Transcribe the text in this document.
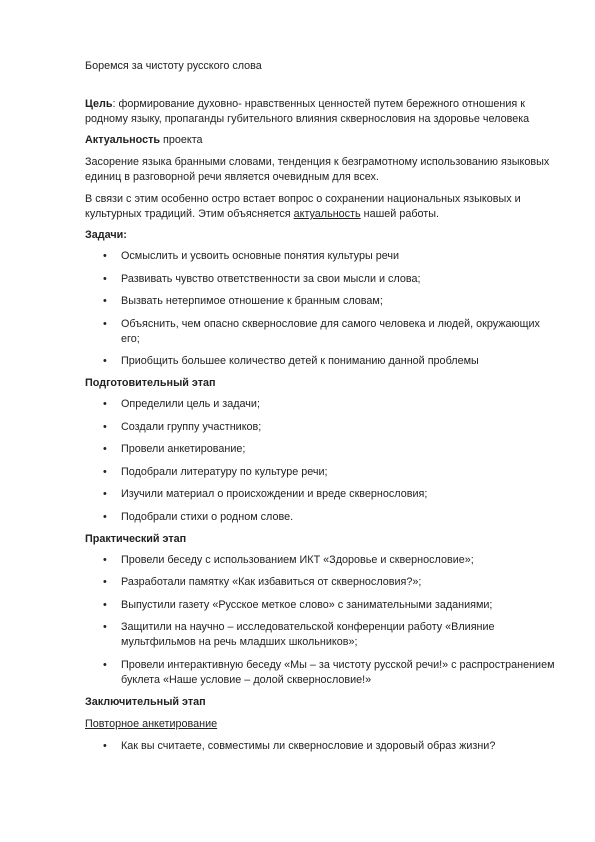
Боремся за чистоту русского слова

Цель: формирование духовно- нравственных ценностей путем бережного отношения к родному языку, пропаганды губительного влияния сквернословия на здоровье человека

Актуальность проекта

Засорение языка бранными словами, тенденция к безграмотному использованию языковых единиц в разговорной речи является очевидным для всех.

В связи с этим особенно остро встает вопрос о сохранении национальных языковых и культурных традиций. Этим объясняется актуальность нашей работы.

Задачи:

• Осмыслить и усвоить основные понятия культуры речи
• Развивать чувство ответственности за свои мысли и слова;
• Вызвать нетерпимое отношение к бранным словам;
• Объяснить, чем опасно сквернословие для самого человека и людей, окружающих его;
• Приобщить большее количество детей к пониманию данной проблемы

Подготовительный этап

• Определили цель и задачи;
• Создали группу участников;
• Провели анкетирование;
• Подобрали литературу по культуре речи;
• Изучили материал о происхождении и вреде сквернословия;
• Подобрали стихи о родном слове.

Практический этап

• Провели беседу с использованием ИКТ «Здоровье и сквернословие»;
• Разработали памятку «Как избавиться от сквернословия?»;
• Выпустили газету «Русское меткое слово» с занимательными заданиями;
• Защитили на научно – исследовательской конференции работу «Влияние мультфильмов на речь младших школьников»;
• Провели интерактивную беседу «Мы – за чистоту русской речи!» с распространением буклета «Наше условие – долой сквернословие!»

Заключительный этап

Повторное анкетирование

• Как вы считаете, совместимы ли сквернословие и здоровый образ жизни?
